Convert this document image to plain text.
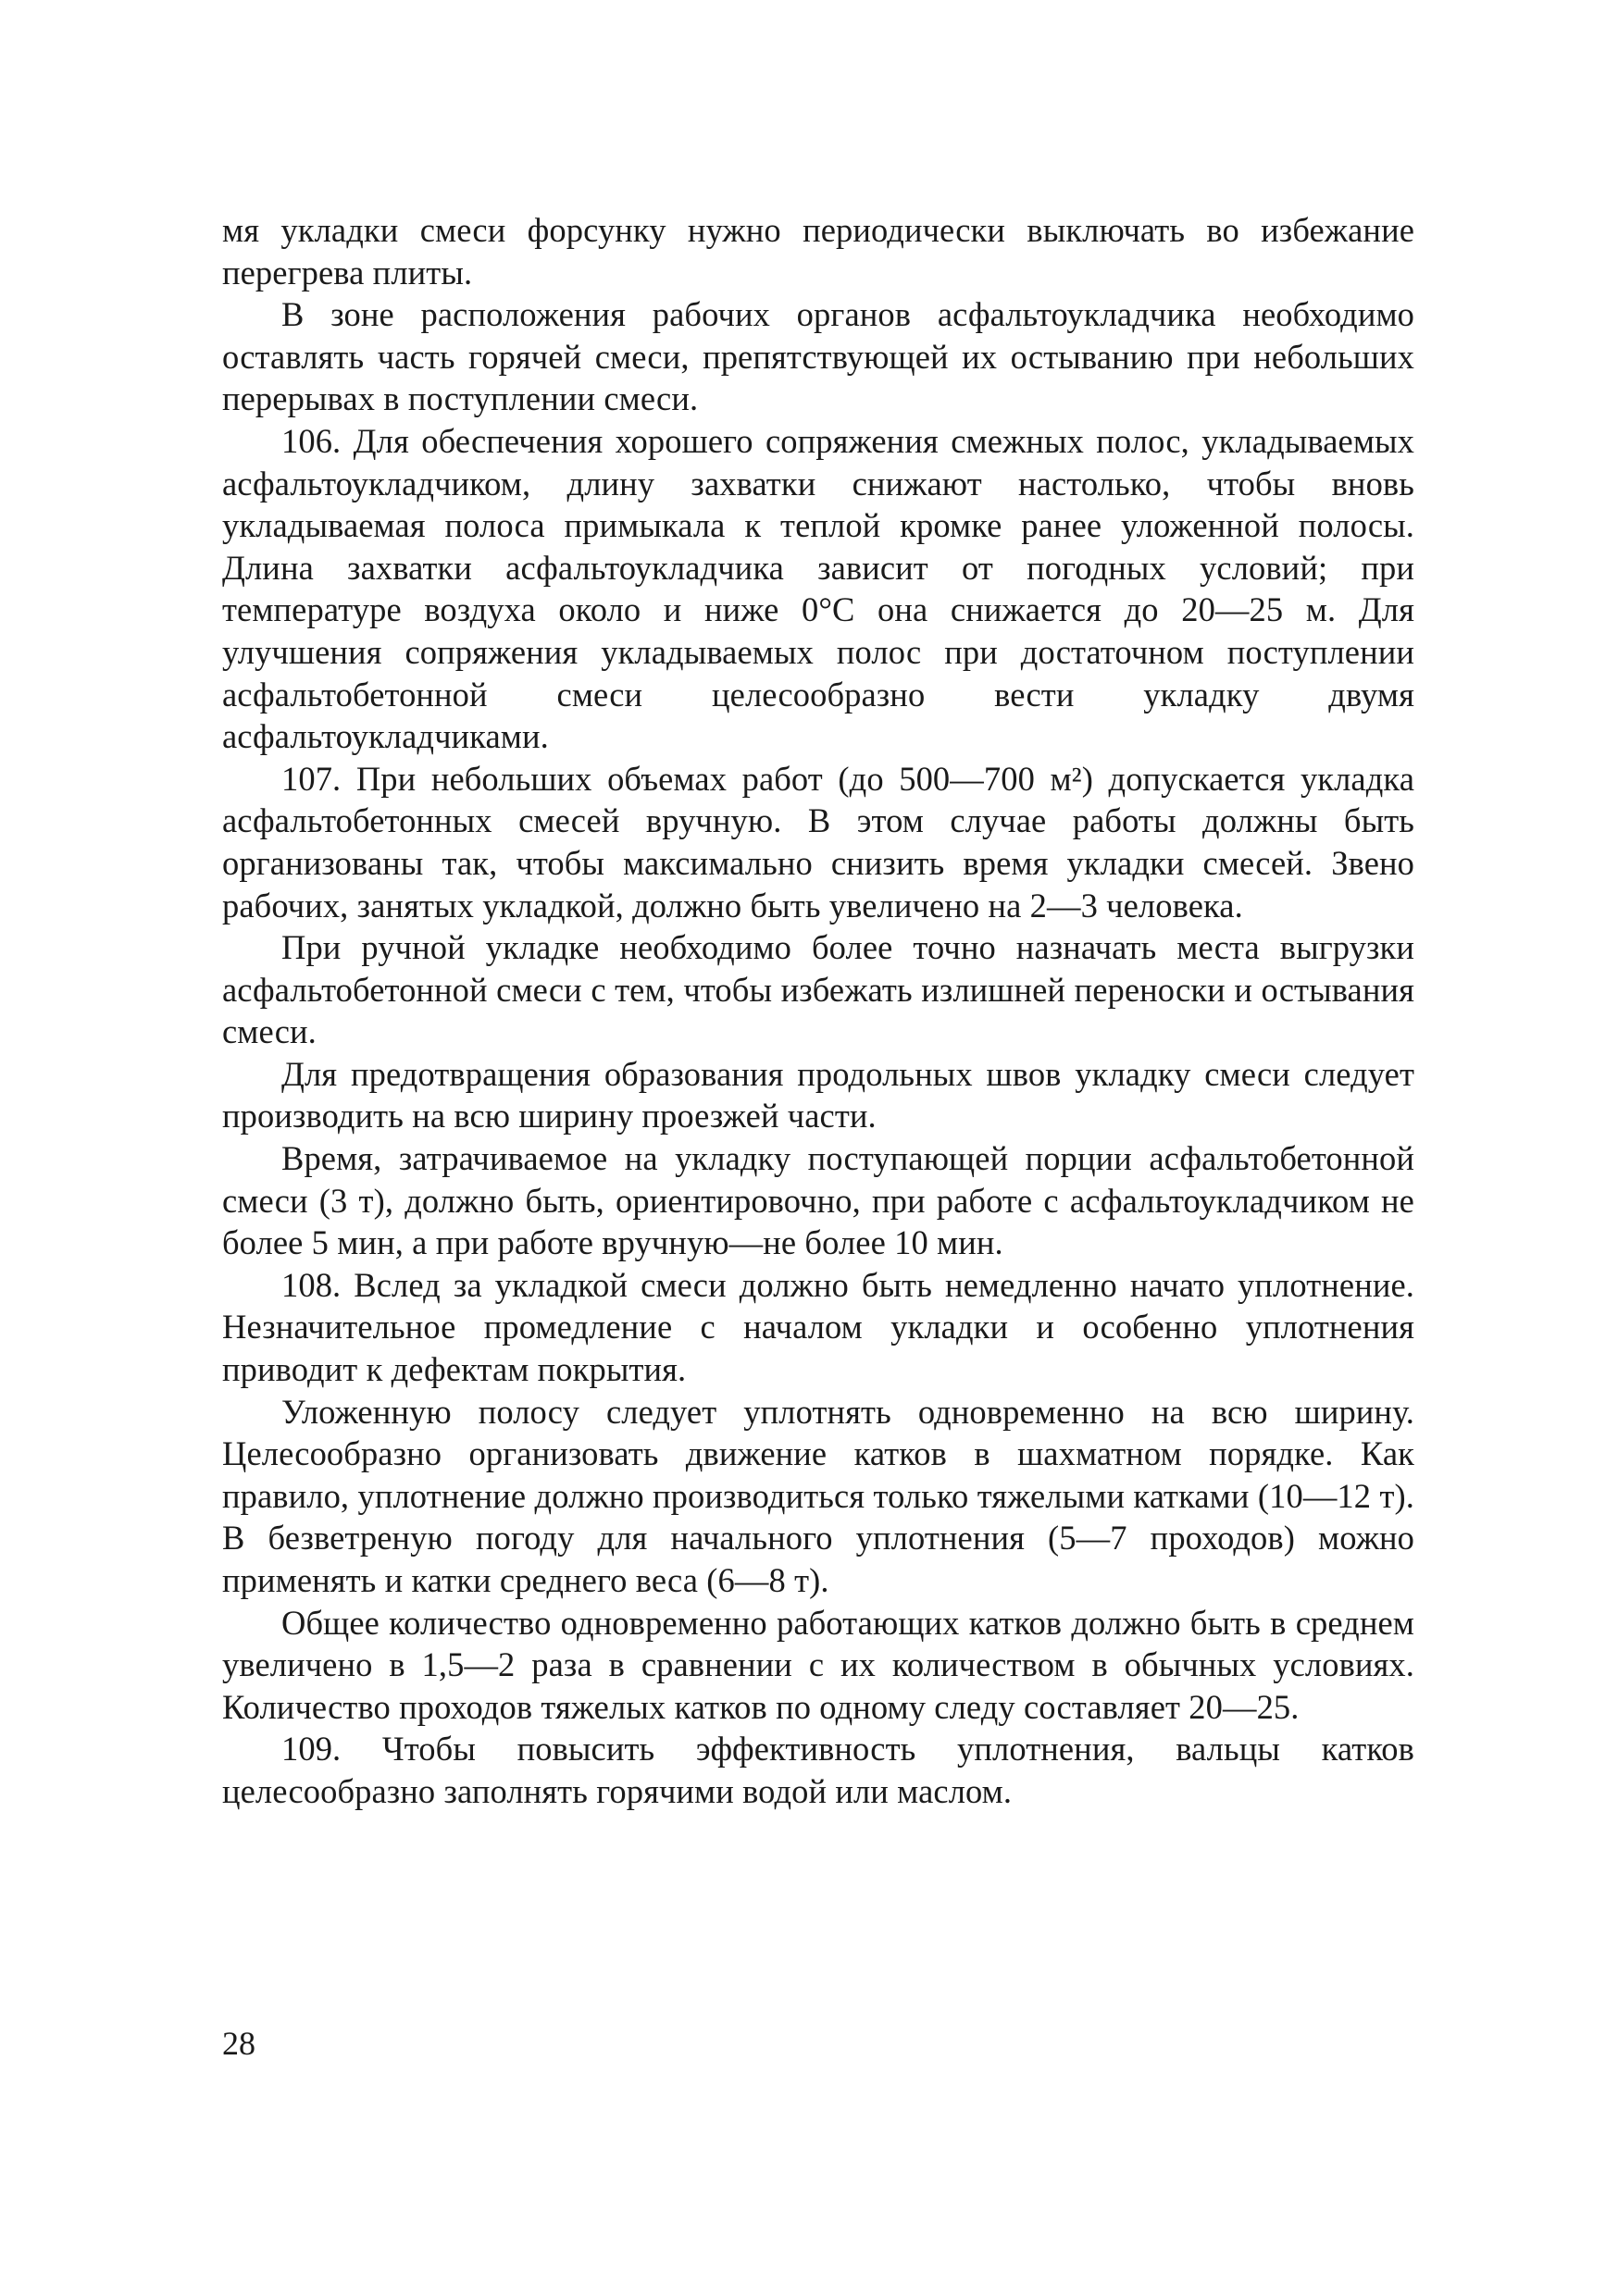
мя укладки смеси форсунку нужно периодически выключать во избежание перегрева плиты.

В зоне расположения рабочих органов асфальтоукладчика необходимо оставлять часть горячей смеси, препятствующей их остыванию при небольших перерывах в поступлении смеси.

106. Для обеспечения хорошего сопряжения смежных полос, укладываемых асфальтоукладчиком, длину захватки снижают настолько, чтобы вновь укладываемая полоса примыкала к теплой кромке ранее уложенной полосы. Длина захватки асфальтоукладчика зависит от погодных условий; при температуре воздуха около и ниже 0°С она снижается до 20—25 м. Для улучшения сопряжения укладываемых полос при достаточном поступлении асфальтобетонной смеси целесообразно вести укладку двумя асфальтоукладчиками.

107. При небольших объемах работ (до 500—700 м²) допускается укладка асфальтобетонных смесей вручную. В этом случае работы должны быть организованы так, чтобы максимально снизить время укладки смесей. Звено рабочих, занятых укладкой, должно быть увеличено на 2—3 человека.

При ручной укладке необходимо более точно назначать места выгрузки асфальтобетонной смеси с тем, чтобы избежать излишней переноски и остывания смеси.

Для предотвращения образования продольных швов укладку смеси следует производить на всю ширину проезжей части.

Время, затрачиваемое на укладку поступающей порции асфальтобетонной смеси (3 т), должно быть, ориентировочно, при работе с асфальтоукладчиком не более 5 мин, а при работе вручную—не более 10 мин.

108. Вслед за укладкой смеси должно быть немедленно начато уплотнение. Незначительное промедление с началом укладки и особенно уплотнения приводит к дефектам покрытия.

Уложенную полосу следует уплотнять одновременно на всю ширину. Целесообразно организовать движение катков в шахматном порядке. Как правило, уплотнение должно производиться только тяжелыми катками (10—12 т). В безветреную погоду для начального уплотнения (5—7 проходов) можно применять и катки среднего веса (6—8 т).

Общее количество одновременно работающих катков должно быть в среднем увеличено в 1,5—2 раза в сравнении с их количеством в обычных условиях. Количество проходов тяжелых катков по одному следу составляет 20—25.

109. Чтобы повысить эффективность уплотнения, вальцы катков целесообразно заполнять горячими водой или маслом.

28
